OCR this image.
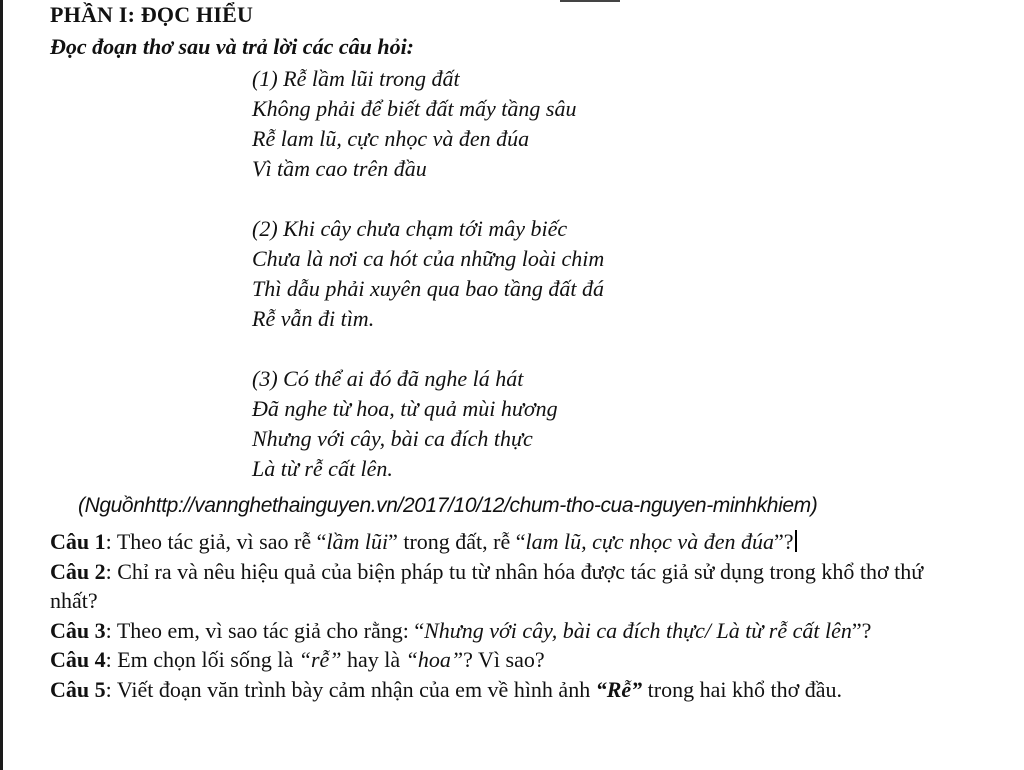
PHẦN I: ĐỌC HIỂU
Đọc đoạn thơ sau và trả lời các câu hỏi:
(1) Rễ lầm lũi trong đất
Không phải để biết đất mấy tầng sâu
Rễ lam lũ, cực nhọc và đen đúa
Vì tầm cao trên đầu
(2) Khi cây chưa chạm tới mây biếc
Chưa là nơi ca hót của những loài chim
Thì dẫu phải xuyên qua bao tầng đất đá
Rễ vẫn đi tìm.
(3) Có thể ai đó đã nghe lá hát
Đã nghe từ hoa, từ quả mùi hương
Nhưng với cây, bài ca đích thực
Là từ rễ cất lên.
(Nguồnhttp://vannghethainguyen.vn/2017/10/12/chum-tho-cua-nguyen-minhkhiem)
Câu 1: Theo tác giả, vì sao rễ “lầm lũi” trong đất, rễ “lam lũ, cực nhọc và đen đúa”?
Câu 2: Chỉ ra và nêu hiệu quả của biện pháp tu từ nhân hóa được tác giả sử dụng trong khổ thơ thứ nhất?
Câu 3: Theo em, vì sao tác giả cho rằng: “Nhưng với cây, bài ca đích thực/ Là từ rễ cất lên”?
Câu 4: Em chọn lối sống là “rễ” hay là “hoa”? Vì sao?
Câu 5: Viết đoạn văn trình bày cảm nhận của em về hình ảnh “Rễ” trong hai khổ thơ đầu.
